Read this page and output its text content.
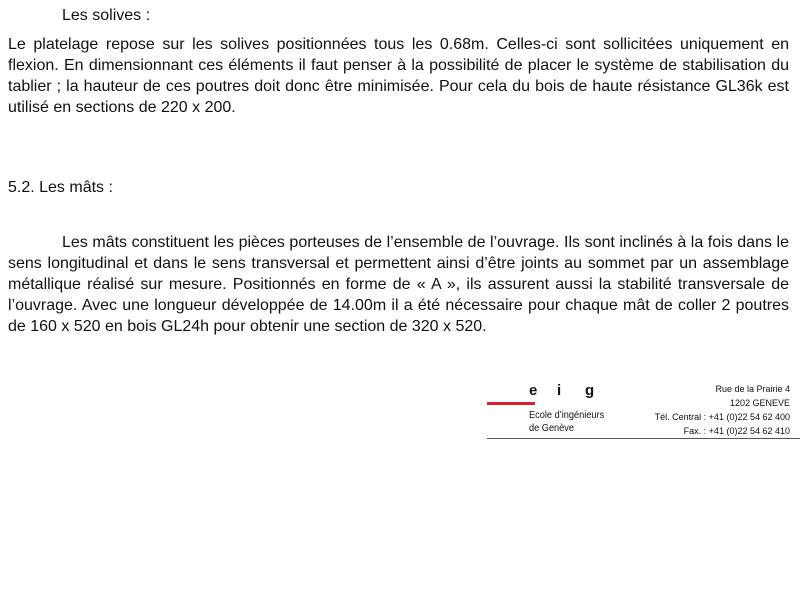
Les solives :
Le platelage repose sur les solives positionnées tous les 0.68m. Celles-ci sont sollicitées uniquement en flexion. En dimensionnant ces éléments il faut penser à la possibilité de placer le système de stabilisation du tablier ; la hauteur de ces poutres doit donc être minimisée. Pour cela du bois de haute résistance GL36k est utilisé en sections de 220 x 200.
5.2. Les mâts :
Les mâts constituent les pièces porteuses de l’ensemble de l’ouvrage. Ils sont inclinés à la fois dans le sens longitudinal et dans le sens transversal et permettent ainsi d’être joints au sommet par un assemblage métallique réalisé sur mesure. Positionnés en forme de « A », ils assurent aussi la stabilité transversale de l’ouvrage. Avec une longueur développée de 14.00m il a été nécessaire pour chaque mât de coller 2 poutres de 160 x 520 en bois GL24h pour obtenir une section de 320 x 520.
e i g
Ecole d’ingénieurs
de Genève
Rue de la Prairie 4
1202 GENEVE
Tél. Central : +41 (0)22 54 62 400
Fax. : +41 (0)22 54 62 410
